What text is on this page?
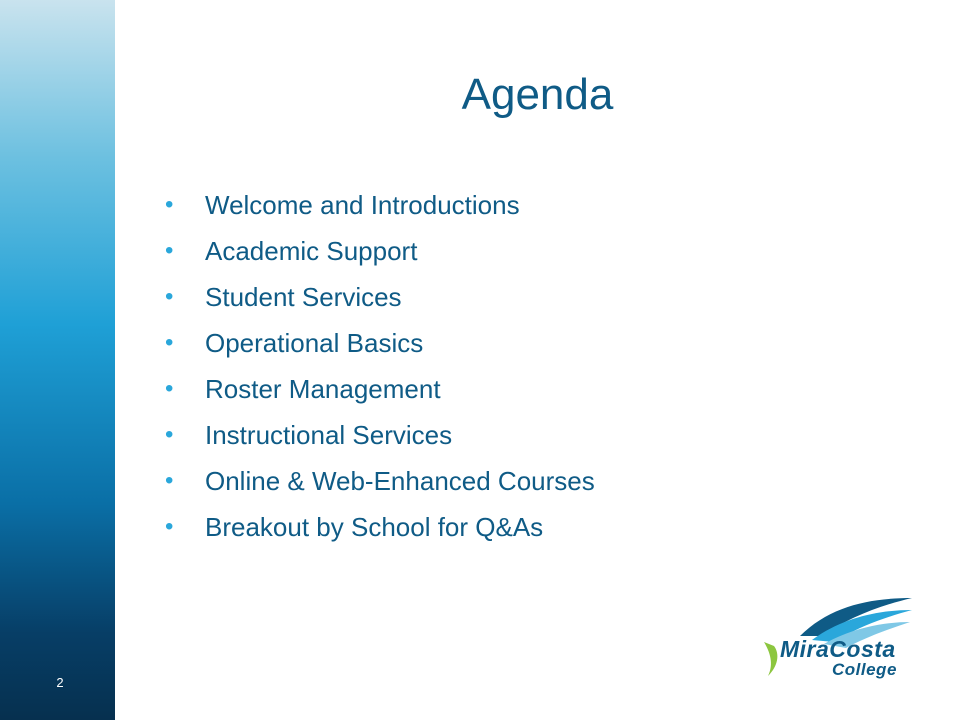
2
Agenda
•	Welcome and Introductions
•	Academic Support
•	Student Services
•	Operational Basics
•	Roster Management
•	Instructional Services
•	Online & Web-Enhanced Courses
•	Breakout by School for Q&As
MiraCosta
College
